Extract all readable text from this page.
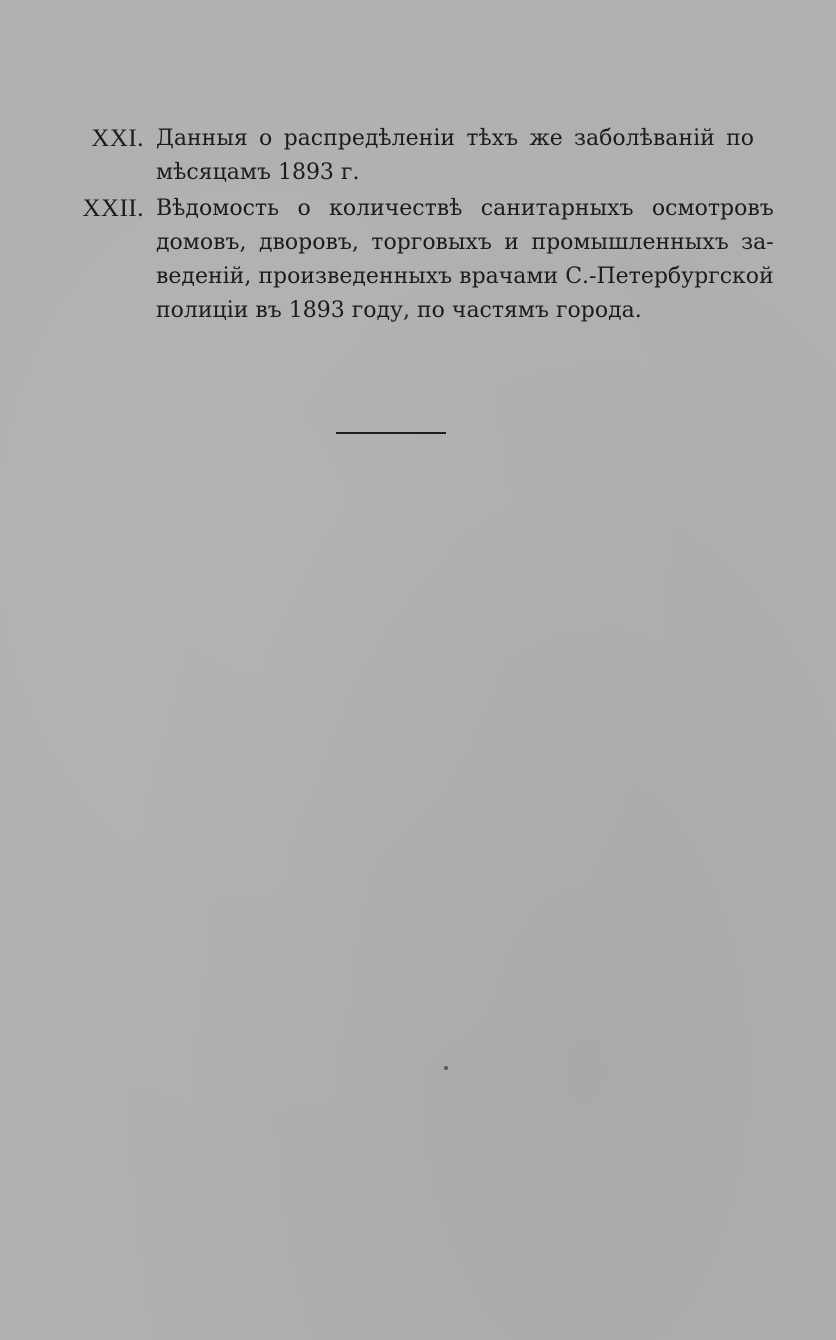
XXI. Данныя о распредѣленіи тѣхъ же заболѣваній по
мѣсяцамъ 1893 г.
XXII. Вѣдомость о количествѣ санитарныхъ осмотровъ
домовъ, дворовъ, торговыхъ и промышленныхъ за-
веденій, произведенныхъ врачами С.-Петербургской
полиціи въ 1893 году, по частямъ города.
